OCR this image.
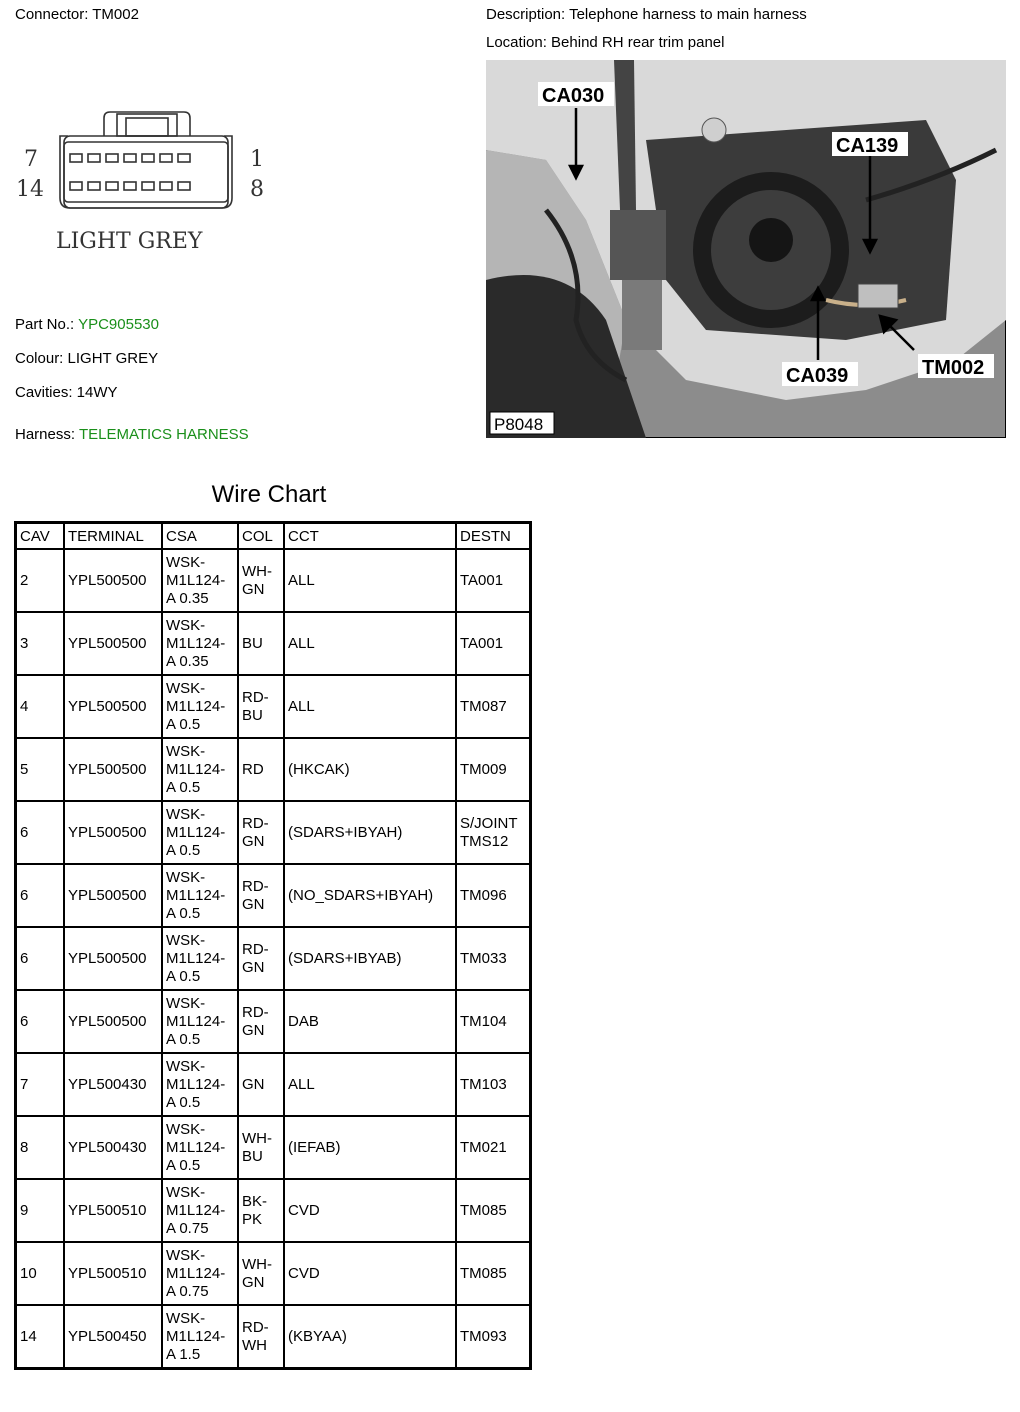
Connector: TM002	Description: Telephone harness to main harness
Location: Behind RH rear trim panel
7
14
1
8
LIGHT GREY
Part No.: YPC905530
Colour: LIGHT GREY
Cavities: 14WY
Harness: TELEMATICS HARNESS
CA030
CA139
CA039	TM002
P8048
Wire Chart
CAV	TERMINAL	CSA	COL	CCT	DESTN
2	YPL500500	WSK-
M1L124-
A 0.35	WH-
GN	ALL	TA001
3	YPL500500	WSK-
M1L124-
A 0.35	BU	ALL	TA001
4	YPL500500	WSK-
M1L124-
A 0.5	RD-
BU	ALL	TM087
5	YPL500500	WSK-
M1L124-
A 0.5	RD	(HKCAK)	TM009
6	YPL500500	WSK-
M1L124-
A 0.5	RD-
GN	(SDARS+IBYAH)	S/JOINT
TMS12
6	YPL500500	WSK-
M1L124-
A 0.5	RD-
GN	(NO_SDARS+IBYAH)	TM096
6	YPL500500	WSK-
M1L124-
A 0.5	RD-
GN	(SDARS+IBYAB)	TM033
6	YPL500500	WSK-
M1L124-
A 0.5	RD-
GN	DAB	TM104
7	YPL500430	WSK-
M1L124-
A 0.5	GN	ALL	TM103
8	YPL500430	WSK-
M1L124-
A 0.5	WH-
BU	(IEFAB)	TM021
9	YPL500510	WSK-
M1L124-
A 0.75	BK-
PK	CVD	TM085
10	YPL500510	WSK-
M1L124-
A 0.75	WH-
GN	CVD	TM085
14	YPL500450	WSK-
M1L124-
A 1.5	RD-
WH	(KBYAA)	TM093
